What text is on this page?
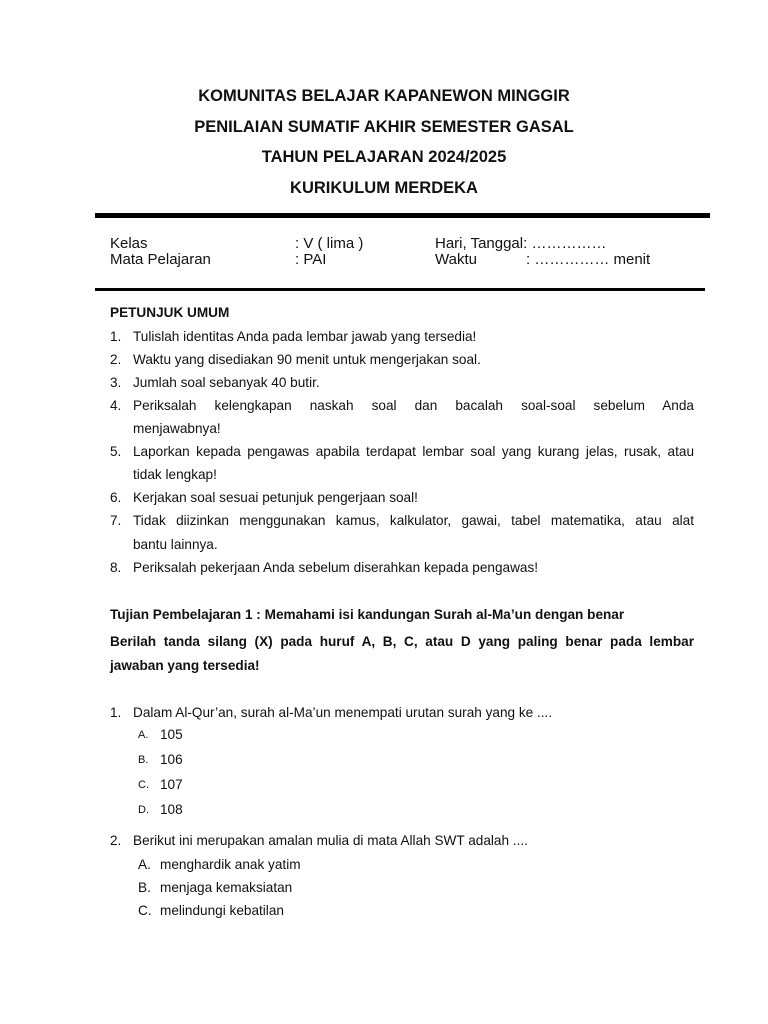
KOMUNITAS BELAJAR KAPANEWON MINGGIR
PENILAIAN SUMATIF AKHIR SEMESTER GASAL
TAHUN PELAJARAN 2024/2025
KURIKULUM MERDEKA
Kelas	: V ( lima )	Hari, Tanggal: ……………
Mata Pelajaran	: PAI	Waktu	: …………… menit
PETUNJUK UMUM
1. Tulislah identitas Anda pada lembar jawab yang tersedia!
2. Waktu yang disediakan 90 menit untuk mengerjakan soal.
3. Jumlah soal sebanyak 40 butir.
4. Periksalah kelengkapan naskah soal dan bacalah soal-soal sebelum Anda
menjawabnya!
5. Laporkan kepada pengawas apabila terdapat lembar soal yang kurang jelas, rusak, atau
tidak lengkap!
6. Kerjakan soal sesuai petunjuk pengerjaan soal!
7. Tidak diizinkan menggunakan kamus, kalkulator, gawai, tabel matematika, atau alat
bantu lainnya.
8. Periksalah pekerjaan Anda sebelum diserahkan kepada pengawas!
Tujian Pembelajaran 1 : Memahami isi kandungan Surah al-Ma’un dengan benar
Berilah tanda silang (X) pada huruf A, B, C, atau D yang paling benar pada lembar
jawaban yang tersedia!
1. Dalam Al-Qur’an, surah al-Ma’un menempati urutan surah yang ke ....
A. 105
B. 106
C. 107
D. 108
2. Berikut ini merupakan amalan mulia di mata Allah SWT adalah ....
A. menghardik anak yatim
B. menjaga kemaksiatan
C. melindungi kebatilan
